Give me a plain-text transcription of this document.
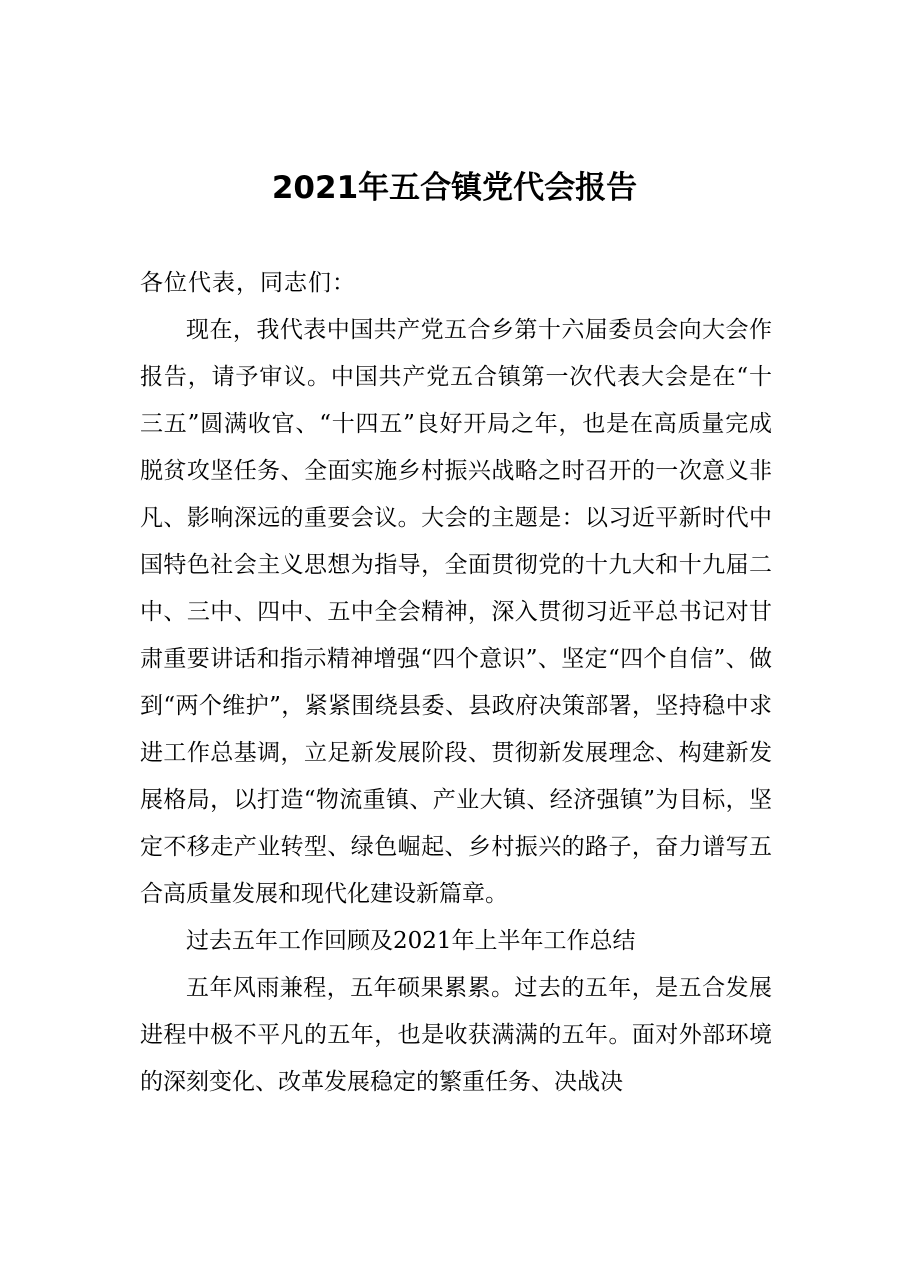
2021年五合镇党代会报告

各位代表，同志们：

现在，我代表中国共产党五合乡第十六届委员会向大会作报告，请予审议。中国共产党五合镇第一次代表大会是在“十三五”圆满收官、“十四五”良好开局之年，也是在高质量完成脱贫攻坚任务、全面实施乡村振兴战略之时召开的一次意义非凡、影响深远的重要会议。大会的主题是：以习近平新时代中国特色社会主义思想为指导，全面贯彻党的十九大和十九届二中、三中、四中、五中全会精神，深入贯彻习近平总书记对甘肃重要讲话和指示精神增强“四个意识”、坚定“四个自信”、做到“两个维护”，紧紧围绕县委、县政府决策部署，坚持稳中求进工作总基调，立足新发展阶段、贯彻新发展理念、构建新发展格局，以打造“物流重镇、产业大镇、经济强镇”为目标，坚定不移走产业转型、绿色崛起、乡村振兴的路子，奋力谱写五合高质量发展和现代化建设新篇章。

过去五年工作回顾及2021年上半年工作总结

五年风雨兼程，五年硕果累累。过去的五年，是五合发展进程中极不平凡的五年，也是收获满满的五年。面对外部环境的深刻变化、改革发展稳定的繁重任务、决战决
